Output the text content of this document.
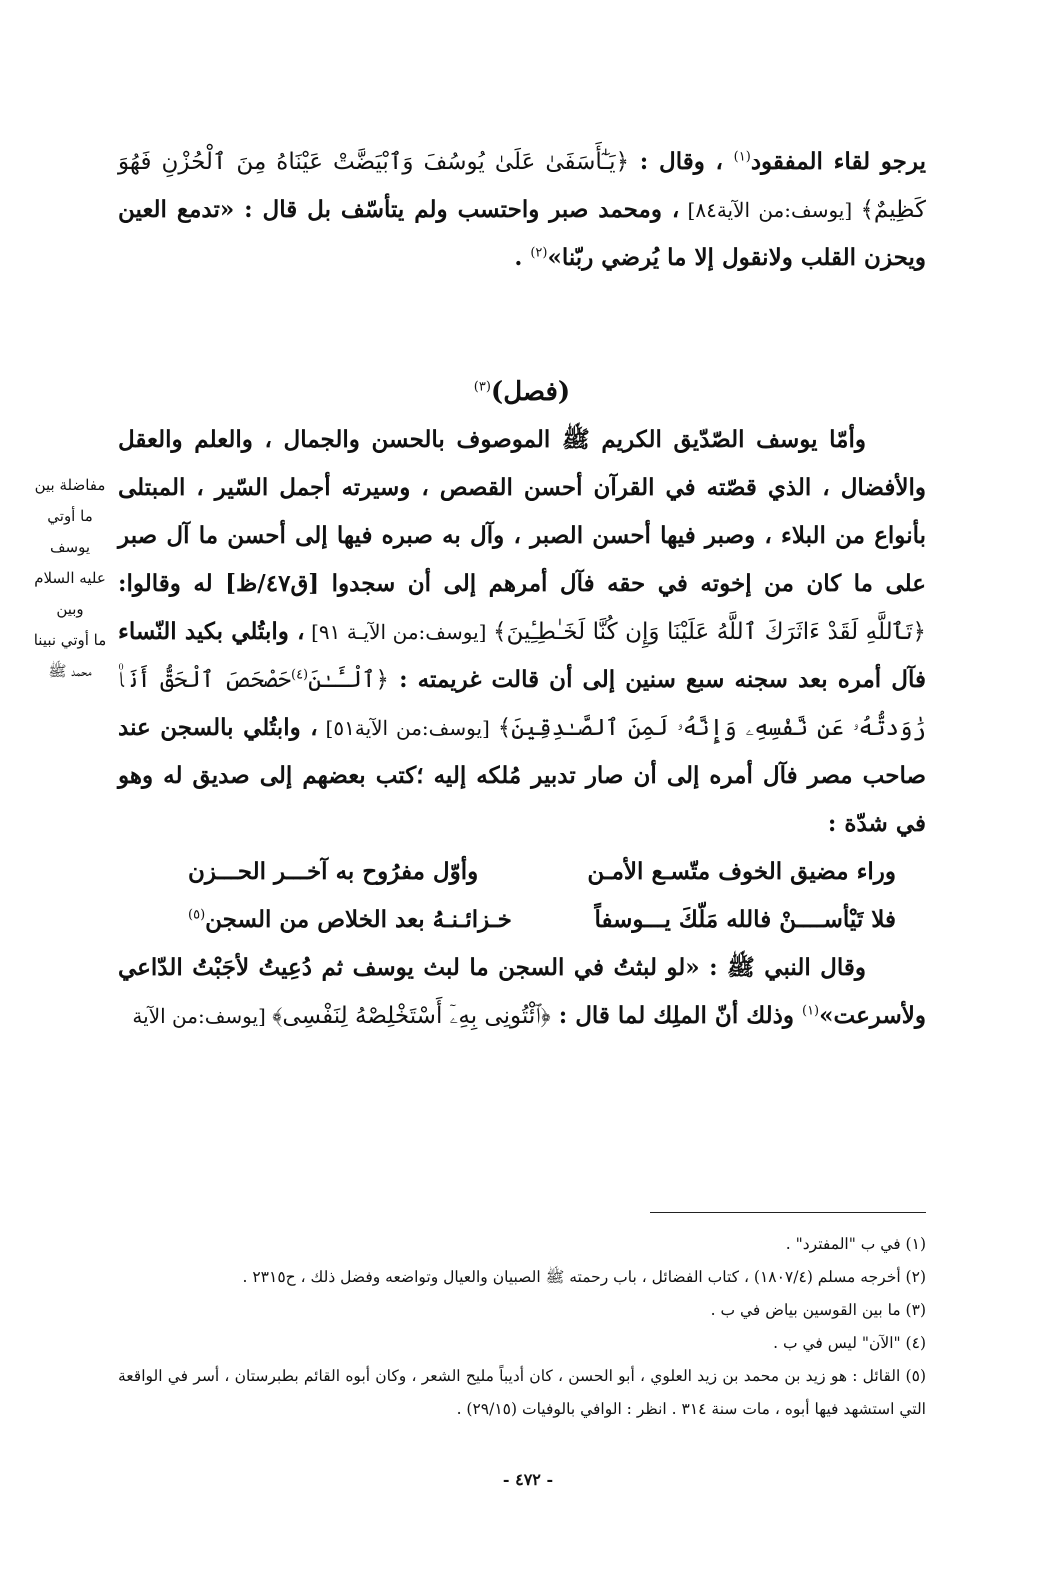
يرجو لقاء المفقود$^{(١)}$ ، وقال : ﴿يَـٰٓأَسَفَىٰ عَلَىٰ يُوسُفَ وَٱبْيَضَّتْ عَيْنَاهُ مِنَ ٱلْحُزْنِ فَهُوَ كَظِيمٌ﴾ [يوسف:من الآية٨٤] ، ومحمد صبر واحتسب ولم يتأسّف بل قال : «تدمع العين ويحزن القلب ولانقول إلا ما يُرضي ربّنا»$^{(٢)}$ .

(فصل)$^{(٣)}$

وأمّا يوسف الصّدّيق الكريم ﷺ الموصوف بالحسن والجمال ، والعلم والعقل والأفضال ، الذي قصّته في القرآن أحسن القصص ، وسيرته أجمل السّير ، المبتلى بأنواع من البلاء ، وصبر فيها أحسن الصبر ، وآل به صبره فيها إلى أحسن ما آل صبر على ما كان من إخوته في حقه فآل أمرهم إلى أن سجدوا [ق٤٧/ظ] له وقالوا: ﴿تَٱللَّهِ لَقَدْ ءَاثَرَكَ ٱللَّهُ عَلَيْنَا وَإِن كُنَّا لَخَـٰطِـِٔينَ﴾ [يوسف:من الآيـة ٩١] ، وابتُلي بكيد النّساء فآل أمره بعد سجنه سبع سنين إلى أن قالت غريمته : ﴿ٱلْـَٔـٰنَ$^{(٤)}$حَصْحَصَ ٱلْحَقُّ أَنَا۠ رَٰوَدتُّهُۥ عَن نَّفْسِهِۦ وَإِنَّهُۥ لَمِنَ ٱلصَّـٰدِقِينَ﴾ [يوسف:من الآية٥١] ، وابتُلي بالسجن عند صاحب مصر فآل أمره إلى أن صار تدبير مُلكه إليه ؛كتب بعضهم إلى صديق له وهو في شدّة :

وراء مضيق الخوف متّسـع الأمـن
وأوّل مفرُوح به آخـــر الحـــزن
فلا تَيْأســــنْ فالله مَلّكَ يـــوسفاً
خـزائـنـهُ بعد الخلاص من السجن$^{(٥)}$

وقال النبي ﷺ : «لو لبثتُ في السجن ما لبث يوسف ثم دُعِيتُ لأجَبْتُ الدّاعي ولأسرعت»$^{(١)}$ وذلك أنّ الملِك لما قال : ﴿ٱئْتُونِى بِهِۦٓ أَسْتَخْلِصْهُ لِنَفْسِى﴾ [يوسف:من الآية

مفاضلة بين
ما أوتي
يوسف
عليه السلام وبين
ما أوتي نبينا
محمد ﷺ

(١) في ب "المفترد" .

(٢) أخرجه مسلم (١٨٠٧/٤) ، كتاب الفضائل ، باب رحمته ﷺ الصبيان والعيال وتواضعه وفضل ذلك ، ح٢٣١٥ .

(٣) ما بين القوسين بياض في ب .

(٤) "الآن" ليس في ب .

(٥) القائل : هو زيد بن محمد بن زيد العلوي ، أبو الحسن ، كان أديباً مليح الشعر ، وكان أبوه القائم بطبرستان ، أسر في الواقعة التي استشهد فيها أبوه ، مات سنة ٣١٤ . انظر : الوافي بالوفيات (٢٩/١٥) .

- ٤٧٢ -
